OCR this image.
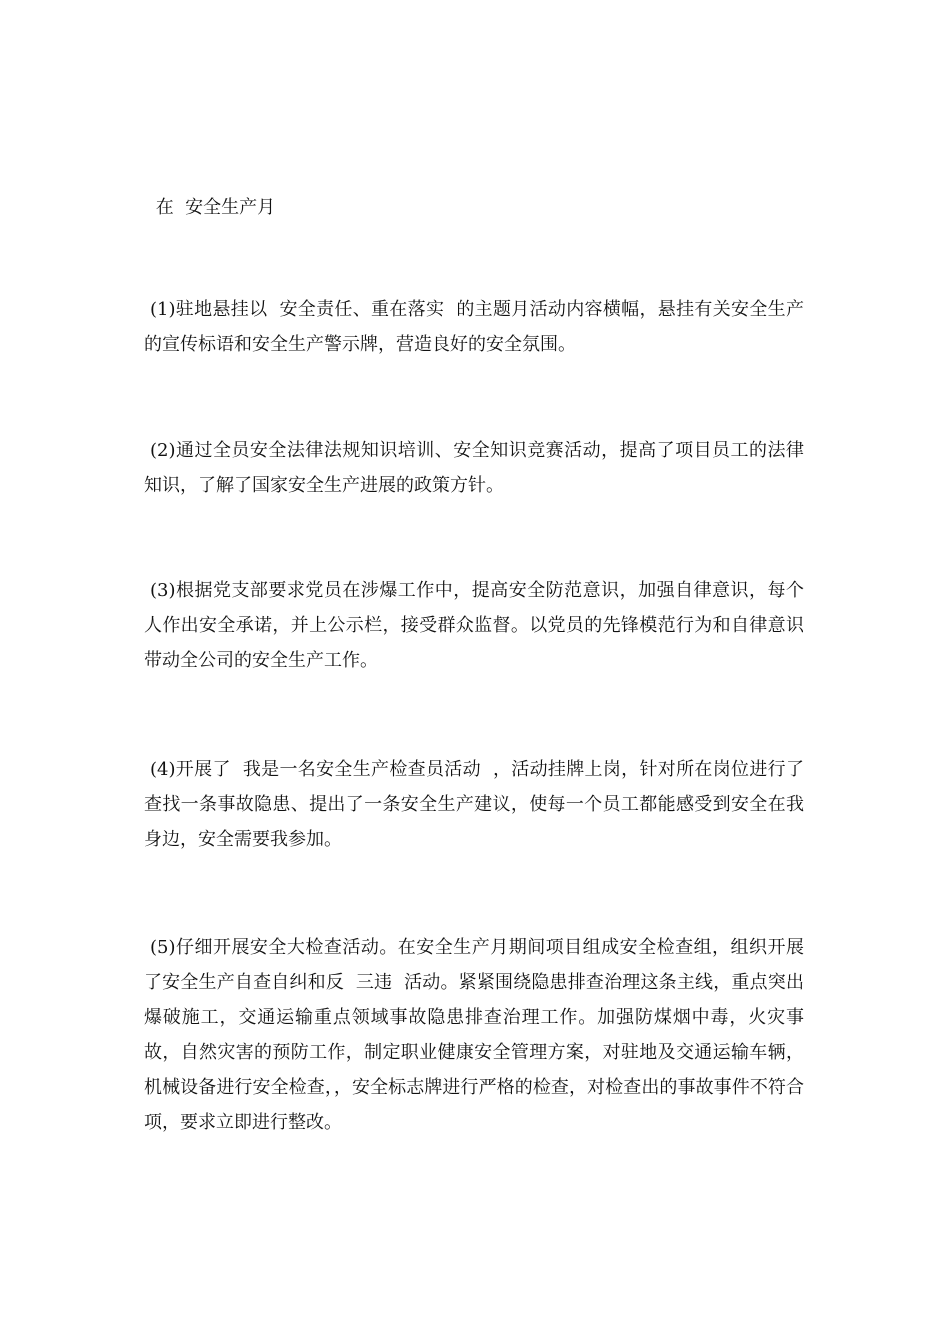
在  安全生产月

(1)驻地悬挂以  安全责任、重在落实  的主题月活动内容横幅，悬挂有关安全生产的宣传标语和安全生产警示牌，营造良好的安全氛围。

(2)通过全员安全法律法规知识培训、安全知识竞赛活动，提高了项目员工的法律知识，了解了国家安全生产进展的政策方针。

(3)根据党支部要求党员在涉爆工作中，提高安全防范意识，加强自律意识，每个人作出安全承诺，并上公示栏，接受群众监督。以党员的先锋模范行为和自律意识带动全公司的安全生产工作。

(4)开展了  我是一名安全生产检查员活动  ，活动挂牌上岗，针对所在岗位进行了查找一条事故隐患、提出了一条安全生产建议，使每一个员工都能感受到安全在我身边，安全需要我参加。

(5)仔细开展安全大检查活动。在安全生产月期间项目组成安全检查组，组织开展了安全生产自查自纠和反  三违  活动。紧紧围绕隐患排查治理这条主线，重点突出爆破施工，交通运输重点领域事故隐患排查治理工作。加强防煤烟中毒，火灾事故，自然灾害的预防工作，制定职业健康安全管理方案，对驻地及交通运输车辆，机械设备进行安全检查，，安全标志牌进行严格的检查，对检查出的事故事件不符合项，要求立即进行整改。
